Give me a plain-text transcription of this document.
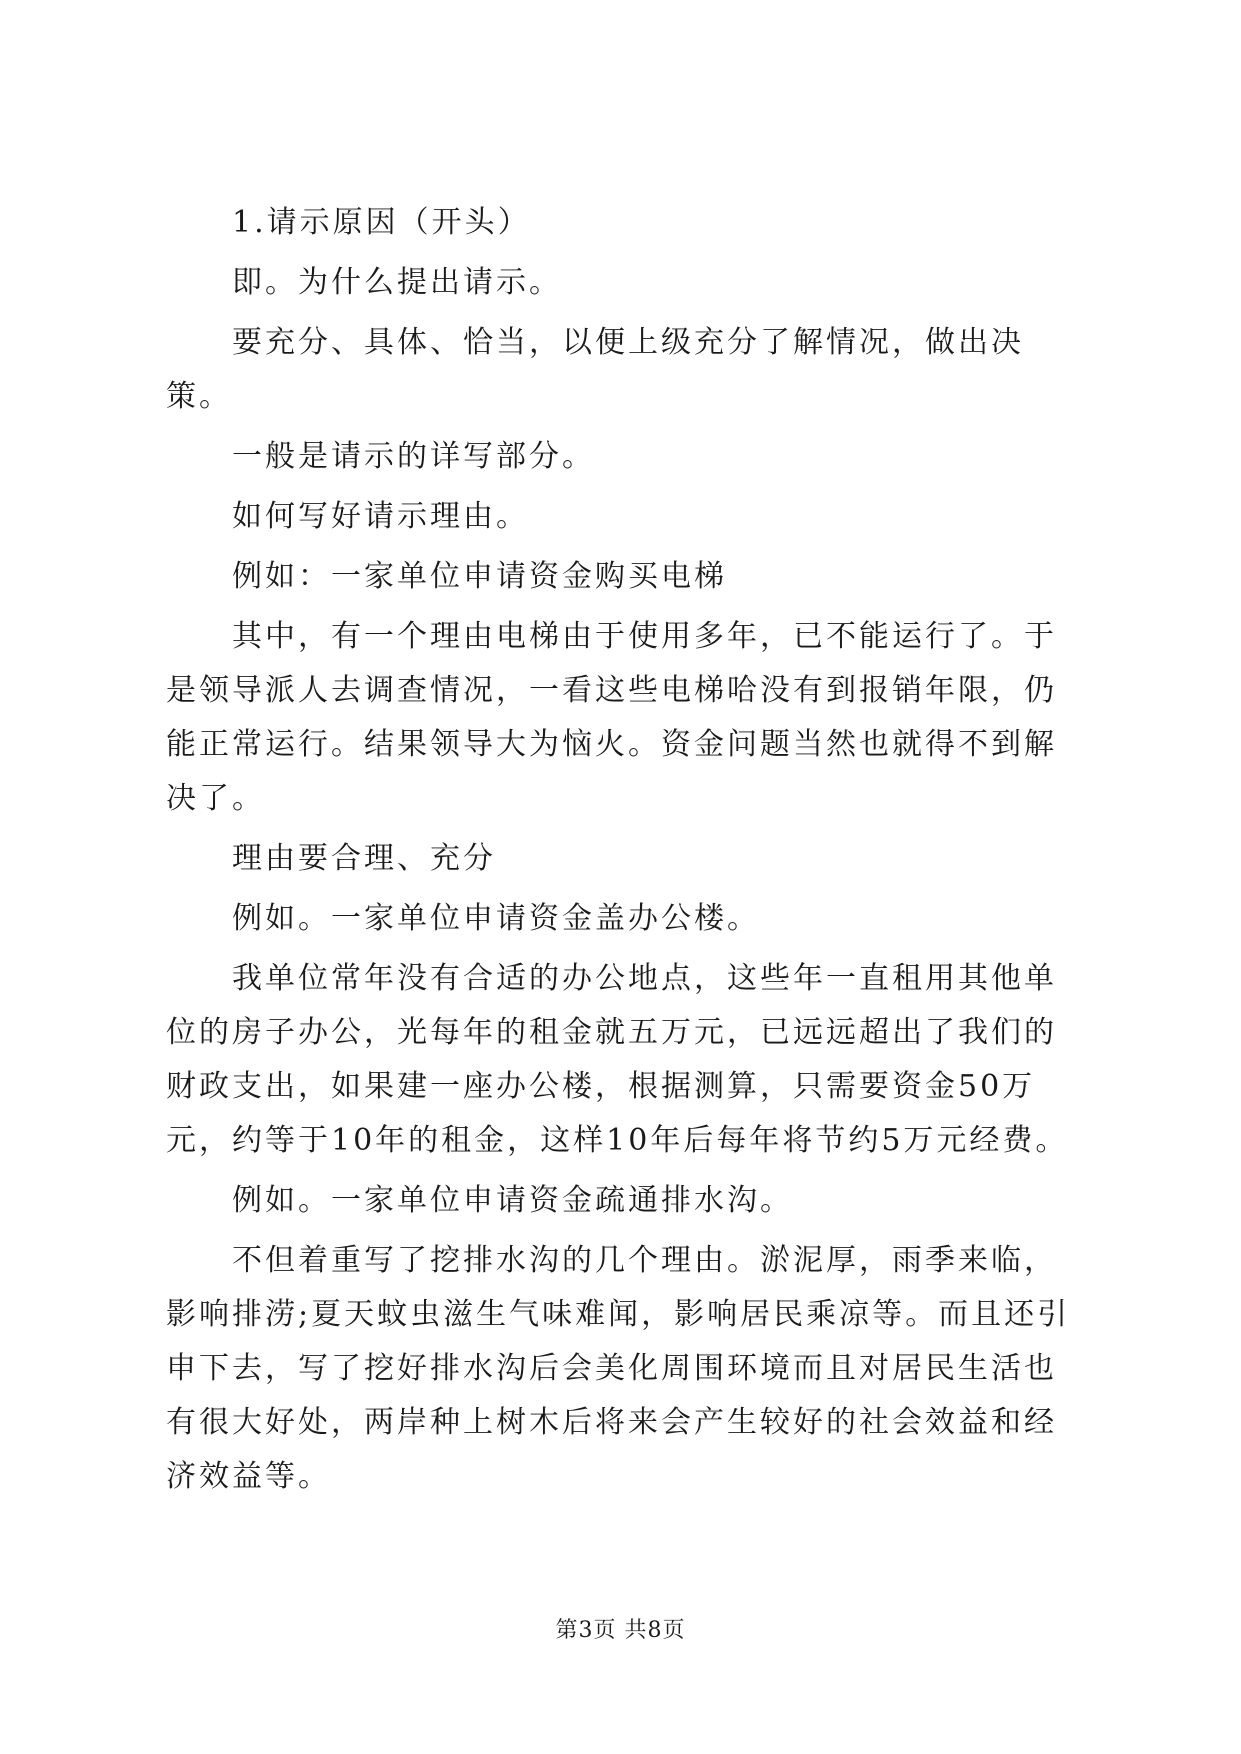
1.请示原因（开头）

即。为什么提出请示。

要充分、具体、恰当，以便上级充分了解情况，做出决策。

一般是请示的详写部分。

如何写好请示理由。

例如：一家单位申请资金购买电梯

其中，有一个理由电梯由于使用多年，已不能运行了。于是领导派人去调查情况，一看这些电梯哈没有到报销年限，仍能正常运行。结果领导大为恼火。资金问题当然也就得不到解决了。

理由要合理、充分

例如。一家单位申请资金盖办公楼。

我单位常年没有合适的办公地点，这些年一直租用其他单位的房子办公，光每年的租金就五万元，已远远超出了我们的财政支出，如果建一座办公楼，根据测算，只需要资金50万元，约等于10年的租金，这样10年后每年将节约5万元经费。

例如。一家单位申请资金疏通排水沟。

不但着重写了挖排水沟的几个理由。淤泥厚，雨季来临，影响排涝;夏天蚊虫滋生气味难闻，影响居民乘凉等。而且还引申下去，写了挖好排水沟后会美化周围环境而且对居民生活也有很大好处，两岸种上树木后将来会产生较好的社会效益和经济效益等。

第3页 共8页
